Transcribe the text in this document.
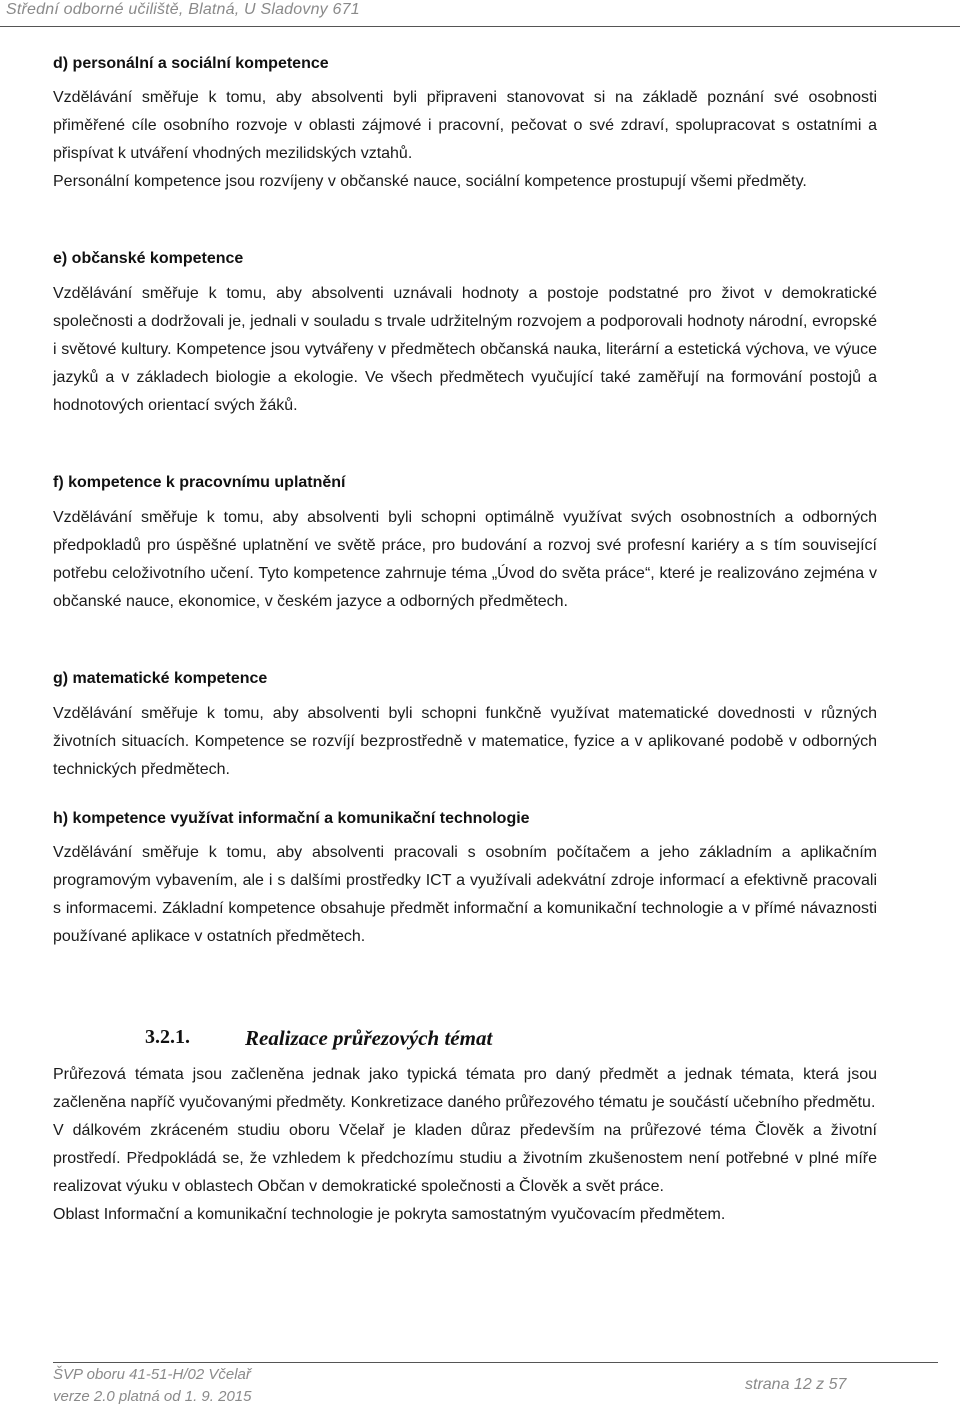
Střední odborné učiliště, Blatná, U Sladovny 671

d) personální a sociální kompetence

Vzdělávání směřuje k tomu, aby absolventi byli připraveni stanovovat si na základě poznání své osobnosti přiměřené cíle osobního rozvoje v oblasti zájmové i pracovní, pečovat o své zdraví, spolupracovat s ostatními a přispívat k utváření vhodných mezilidských vztahů.

Personální kompetence jsou rozvíjeny v občanské nauce, sociální kompetence prostupují všemi předměty.

e) občanské kompetence

Vzdělávání směřuje k tomu, aby absolventi uznávali hodnoty a postoje podstatné pro život v demokratické společnosti a dodržovali je, jednali v souladu s trvale udržitelným rozvojem a podporovali hodnoty národní, evropské i světové kultury. Kompetence jsou vytvářeny v předmětech občanská nauka, literární a estetická výchova, ve výuce jazyků a v základech biologie a ekologie. Ve všech předmětech vyučující také zaměřují na formování postojů a hodnotových orientací svých žáků.

f) kompetence k pracovnímu uplatnění

Vzdělávání směřuje k tomu, aby absolventi byli schopni optimálně využívat svých osobnostních a odborných předpokladů pro úspěšné uplatnění ve světě práce, pro budování a rozvoj své profesní kariéry a s tím související potřebu celoživotního učení. Tyto kompetence zahrnuje téma „Úvod do světa práce“, které je realizováno zejména v občanské nauce, ekonomice, v českém jazyce a odborných předmětech.

g) matematické kompetence

Vzdělávání směřuje k tomu, aby absolventi byli schopni funkčně využívat matematické dovednosti v různých životních situacích. Kompetence se rozvíjí bezprostředně v matematice, fyzice a v aplikované podobě v odborných technických předmětech.

h) kompetence využívat informační a komunikační technologie

Vzdělávání směřuje k tomu, aby absolventi pracovali s osobním počítačem a jeho základním a aplikačním programovým vybavením, ale i s dalšími prostředky ICT a využívali adekvátní zdroje informací a efektivně pracovali s informacemi. Základní kompetence obsahuje předmět informační a komunikační technologie a v přímé návaznosti používané aplikace v ostatních předmětech.

3.2.1.	Realizace průřezových témat

Průřezová témata jsou začleněna jednak jako typická témata pro daný předmět a jednak témata, která jsou začleněna napříč vyučovanými předměty. Konkretizace daného průřezového tématu je součástí učebního předmětu.

V dálkovém zkráceném studiu oboru Včelař je kladen důraz především na průřezové téma Člověk a životní prostředí. Předpokládá se, že vzhledem k předchozímu studiu a životním zkušenostem není potřebné v plné míře realizovat výuku v oblastech Občan v demokratické společnosti a Člověk a svět práce.

Oblast Informační a komunikační technologie je pokryta samostatným vyučovacím předmětem.

ŠVP oboru 41-51-H/02 Včelař
verze 2.0 platná od 1. 9. 2015
strana 12 z 57
